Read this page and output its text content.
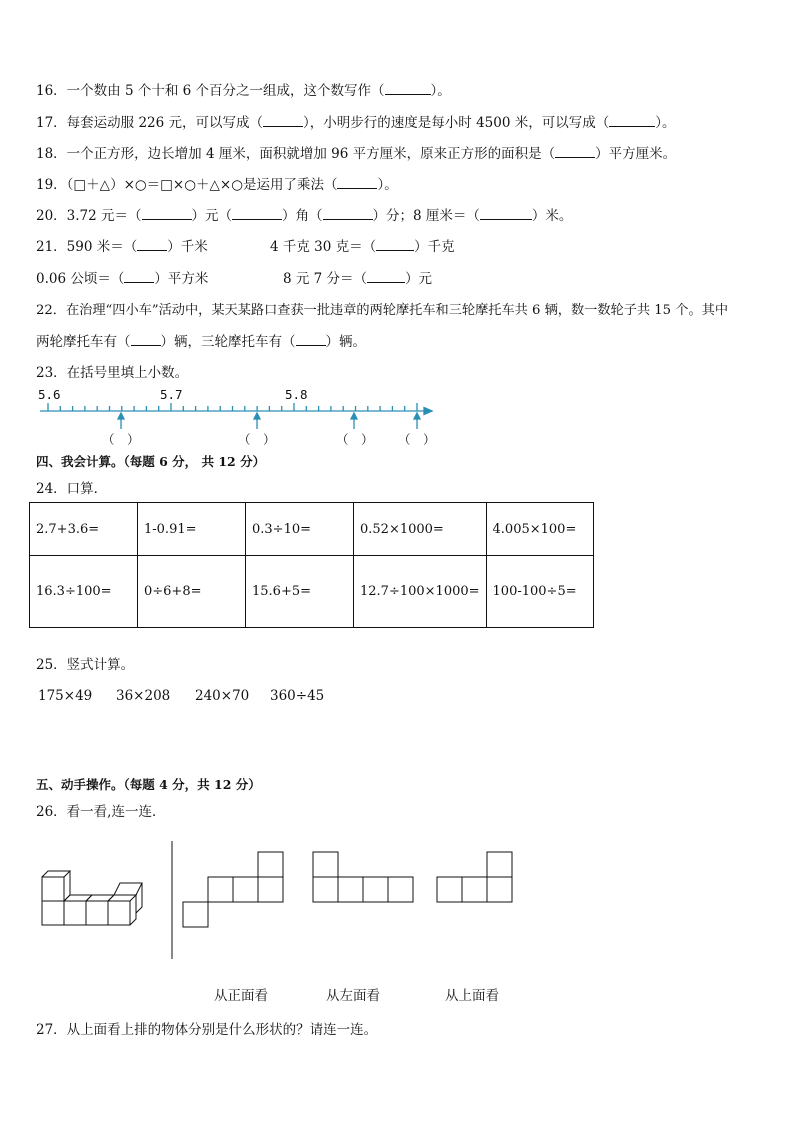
16．一个数由 5 个十和 6 个百分之一组成，这个数写作（	）。
17．每套运动服 226 元，可以写成（	），小明步行的速度是每小时 4500 米，可以写成（	）。
18．一个正方形，边长增加 4 厘米，面积就增加 96 平方厘米，原来正方形的面积是（	）平方厘米。
19．（□＋△）×○＝□×○＋△×○是运用了乘法（	）。
20．3.72 元＝（	）元（	）角（	）分；8 厘米＝（	）米。
21．590 米＝（ ）千米	4 千克 30 克＝（	）千克
0.06 公顷＝（ ）平方米	8 元 7 分＝（	）元
22．在治理“四小车”活动中，某天某路口查获一批违章的两轮摩托车和三轮摩托车共 6 辆，数一数轮子共 15 个。其中
两轮摩托车有（ ）辆，三轮摩托车有（ ）辆。
23．在括号里填上小数。
5.6	5.7	5.8
（　）	（　）	（　） （　）
四、我会计算。（每题 6 分， 共 12 分）
24．口算．
2.7+3.6=	1-0.91=	0.3÷10=	0.52×1000=	4.005×100=
16.3÷100=	0÷6+8=	15.6+5=	12.7÷100×1000=	100-100÷5=
25．竖式计算。
175×49 36×208 240×70 360÷45
五、动手操作。（每题 4 分，共 12 分）
26．看一看,连一连．
从正面看	从左面看	从上面看
27．从上面看上排的物体分别是什么形状的？请连一连。
